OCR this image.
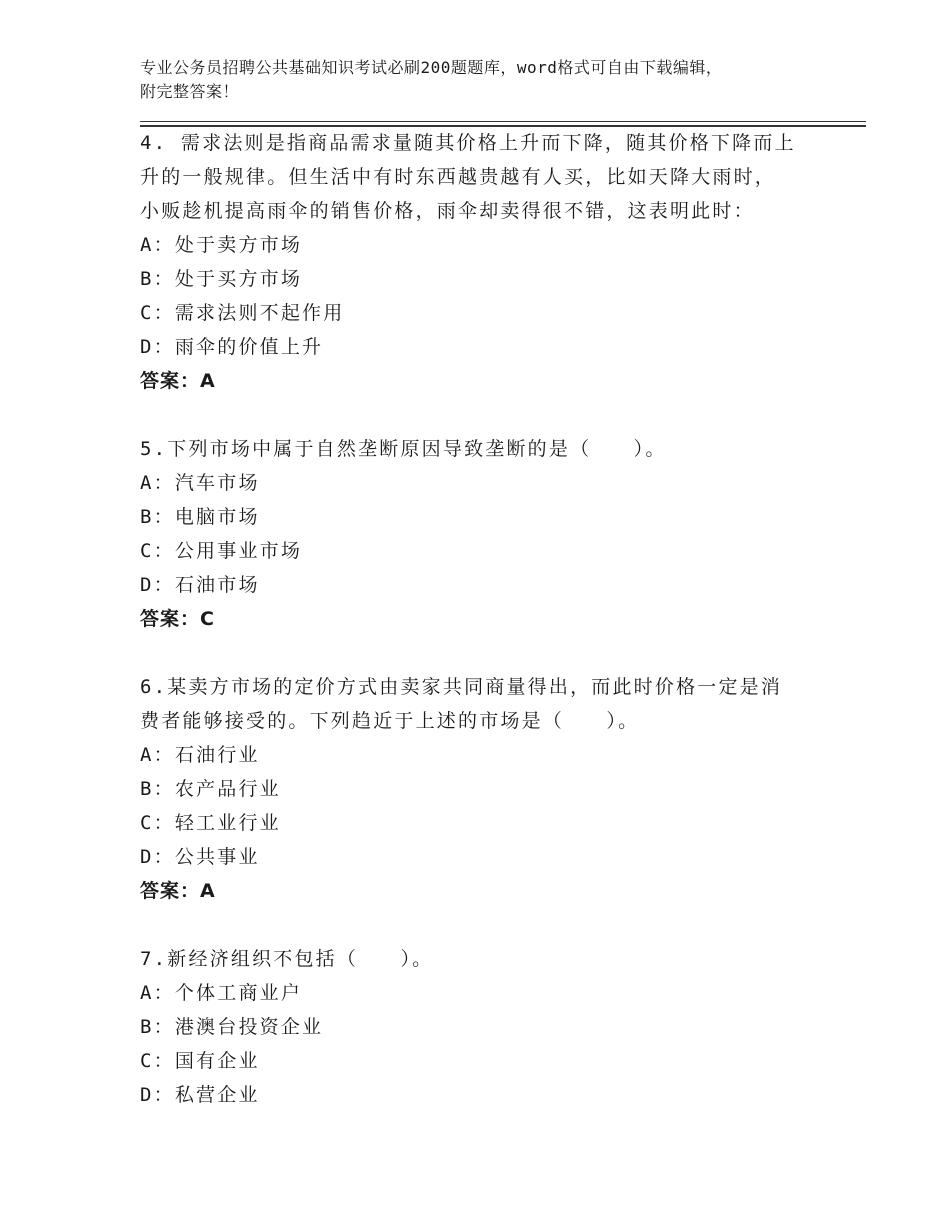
专业公务员招聘公共基础知识考试必刷200题题库，word格式可自由下载编辑，
附完整答案！

4. 需求法则是指商品需求量随其价格上升而下降，随其价格下降而上

升的一般规律。但生活中有时东西越贵越有人买，比如天降大雨时，

小贩趁机提高雨伞的销售价格，雨伞却卖得很不错，这表明此时：

A：处于卖方市场

B：处于买方市场

C：需求法则不起作用

D：雨伞的价值上升

答案：A

5.下列市场中属于自然垄断原因导致垄断的是（　　）。

A：汽车市场

B：电脑市场

C：公用事业市场

D：石油市场

答案：C

6.某卖方市场的定价方式由卖家共同商量得出，而此时价格一定是消

费者能够接受的。下列趋近于上述的市场是（　　）。

A：石油行业

B：农产品行业

C：轻工业行业

D：公共事业

答案：A

7.新经济组织不包括（　　）。

A：个体工商业户

B：港澳台投资企业

C：国有企业

D：私营企业
